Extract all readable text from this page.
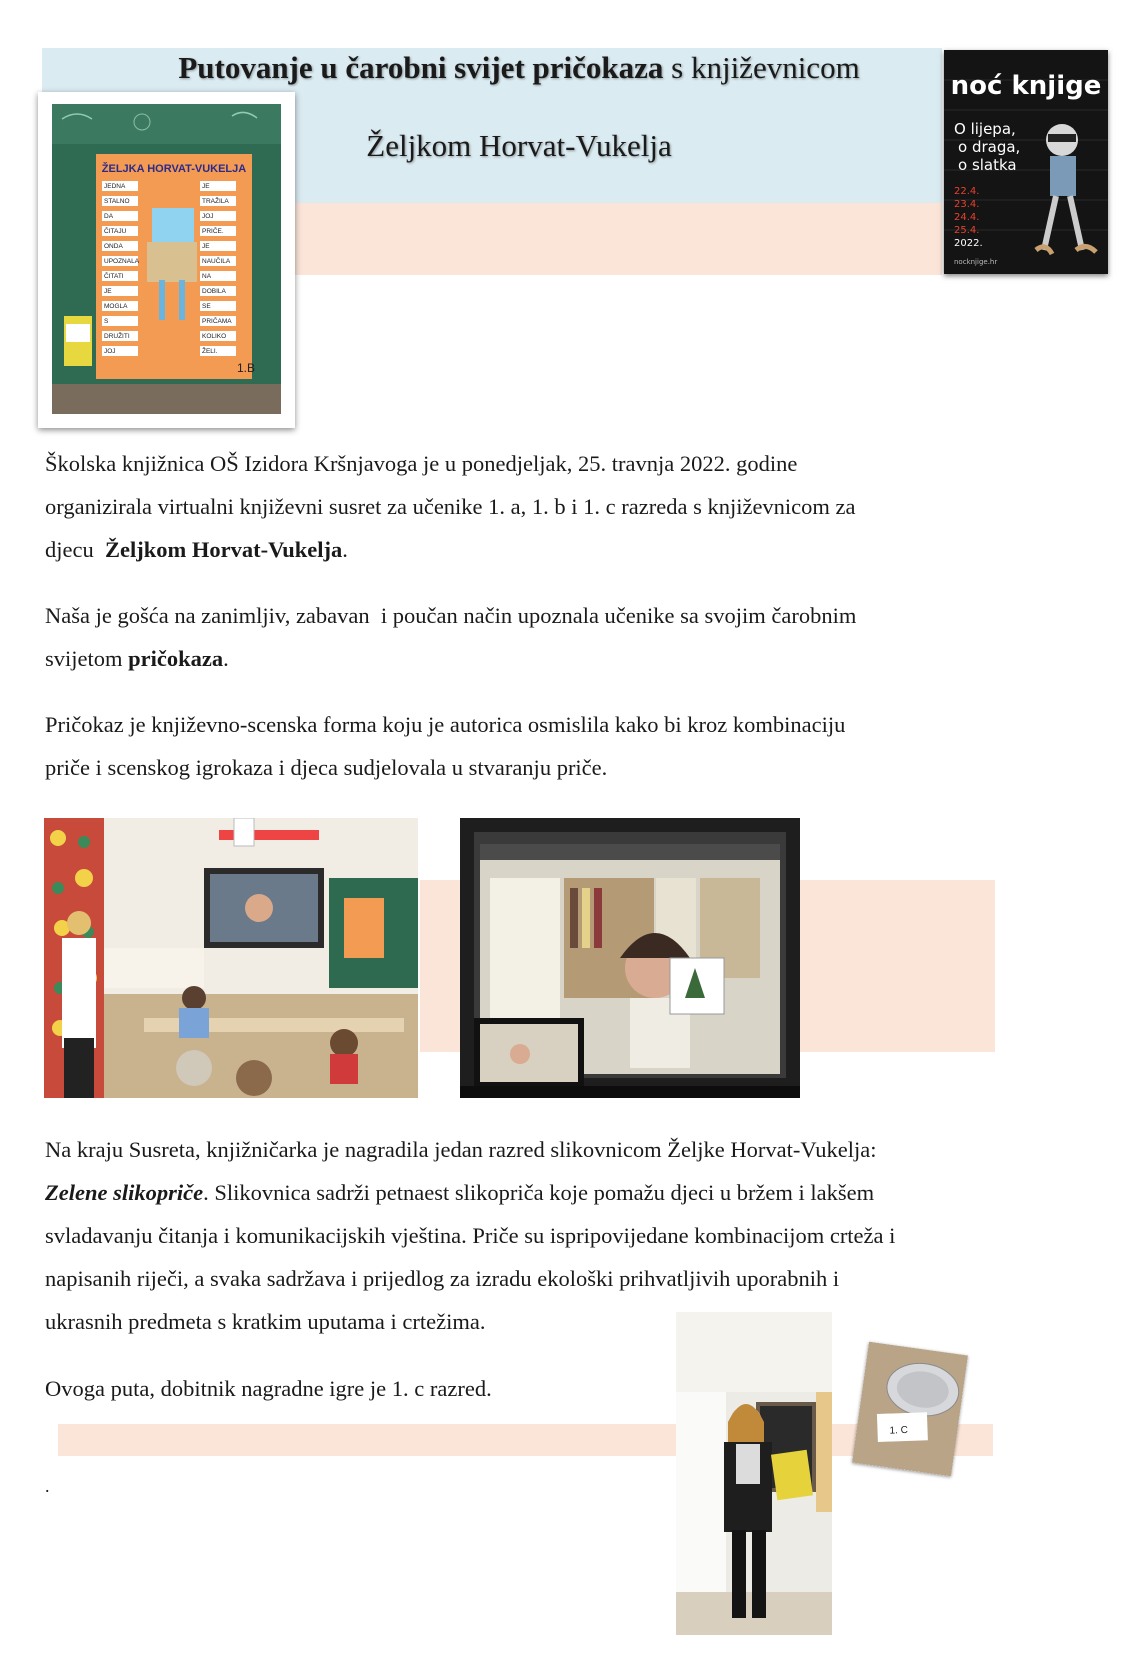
Putovanje u čarobni svijet pričokaza s književnicom
Željkom Horvat-Vukelja
ŽELJKA HORVAT-VUKELJA
JEDNA	JE
STALNO	TRAŽILA
DA	JOJ
ČITAJU	PRIČE.
ONDA	JE
UPOZNALA	NAUČILA
ČITATI	NA
JE	DOBILA
MOGLA	SE
S	PRIČAMA
DRUŽITI	KOLIKO
JOJ	ŽELI.
1.B
noć knjige
O lijepa,
o draga,
o slatka
22.4.
23.4.
24.4.
25.4.
2022.
nocknjige.hr
Školska knjižnica OŠ Izidora Kršnjavoga je u ponedjeljak, 25. travnja 2022. godine
organizirala virtualni književni susret za učenike 1. a, 1. b i 1. c razreda s književnicom za
djecu  Željkom Horvat-Vukelja.
Naša je gošća na zanimljiv, zabavan  i poučan način upoznala učenike sa svojim čarobnim
svijetom pričokaza.
Pričokaz je književno-scenska forma koju je autorica osmislila kako bi kroz kombinaciju
priče i scenskog igrokaza i djeca sudjelovala u stvaranju priče.
Na kraju Susreta, knjižničarka je nagradila jedan razred slikovnicom Željke Horvat-Vukelja:
Zelene slikopriče. Slikovnica sadrži petnaest slikopriča koje pomažu djeci u bržem i lakšem
svladavanju čitanja i komunikacijskih vještina. Priče su ispripovijedane kombinacijom crteža i
napisanih riječi, a svaka sadržava i prijedlog za izradu ekološki prihvatljivih uporabnih i
ukrasnih predmeta s kratkim uputama i crtežima.
Ovoga puta, dobitnik nagradne igre je 1. c razred.
.
1. C
